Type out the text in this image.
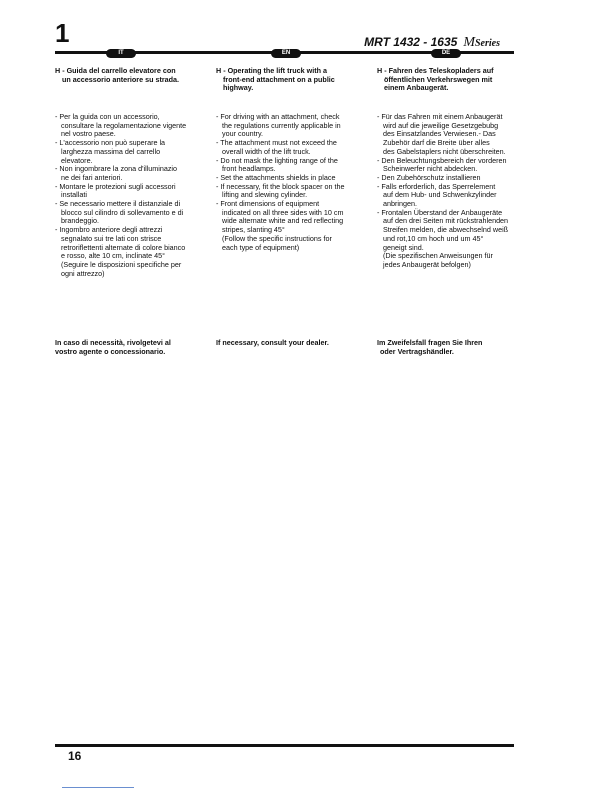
1	MRT 1432 - 1635 MSeries
IT	EN	DE
H - Guida del carrello elevatore con
un accessorio anteriore su strada.
- Per la guida con un accessorio,
consultare la regolamentazione vigente
nel vostro paese.
- L'accessorio non può superare la
larghezza massima del carrello
elevatore.
- Non ingombrare la zona d'illuminazio
ne dei fari anteriori.
- Montare le protezioni sugli accessori
installati
- Se necessario mettere il distanziale di
blocco sul cilindro di sollevamento e di
brandeggio.
- Ingombro anteriore degli attrezzi
segnalato sui tre lati con strisce
retroriflettenti alternate di colore bianco
e rosso, alte 10 cm, inclinate 45°
(Seguire le disposizioni specifiche per
ogni attrezzo)
In caso di necessità, rivolgetevi al
vostro agente o concessionario.
H - Operating the lift truck with a
front-end attachment on a public
highway.
- For driving with an attachment, check
the regulations currently applicable in
your country.
- The attachment must not exceed the
overall width of the lift truck.
- Do not mask the lighting range of the
front headlamps.
- Set the attachments shields in place
- If necessary, fit the block spacer on the
lifting and slewing cylinder.
- Front dimensions of equipment
indicated on all three sides with 10 cm
wide alternate white and red reflecting
stripes, slanting 45°
(Follow the specific instructions for
each type of equipment)
If necessary, consult your dealer.
H - Fahren des Teleskopladers auf
öffentlichen Verkehrswegen mit
einem Anbaugerät.
- Für das Fahren mit einem Anbaugerät
wird auf die jeweilige Gesetzgebubg
des Einsatzlandes Verwiesen.- Das
Zubehör darf die Breite über alles
des Gabelstaplers nicht überschreiten.
- Den Beleuchtungsbereich der vorderen
Scheinwerfer nicht abdecken.
- Den Zubehörschutz installieren
- Falls erforderlich, das Sperrelement
auf dem Hub- und Schwenkzylinder
anbringen.
- Frontalen Überstand der Anbaugeräte
auf den drei Seiten mit rückstrahlenden
Streifen melden, die abwechselnd weiß
und rot,10 cm hoch und um 45°
geneigt sind.
(Die spezifischen Anweisungen für
jedes Anbaugerät befolgen)
Im Zweifelsfall fragen Sie Ihren
oder Vertragshändler.
16
